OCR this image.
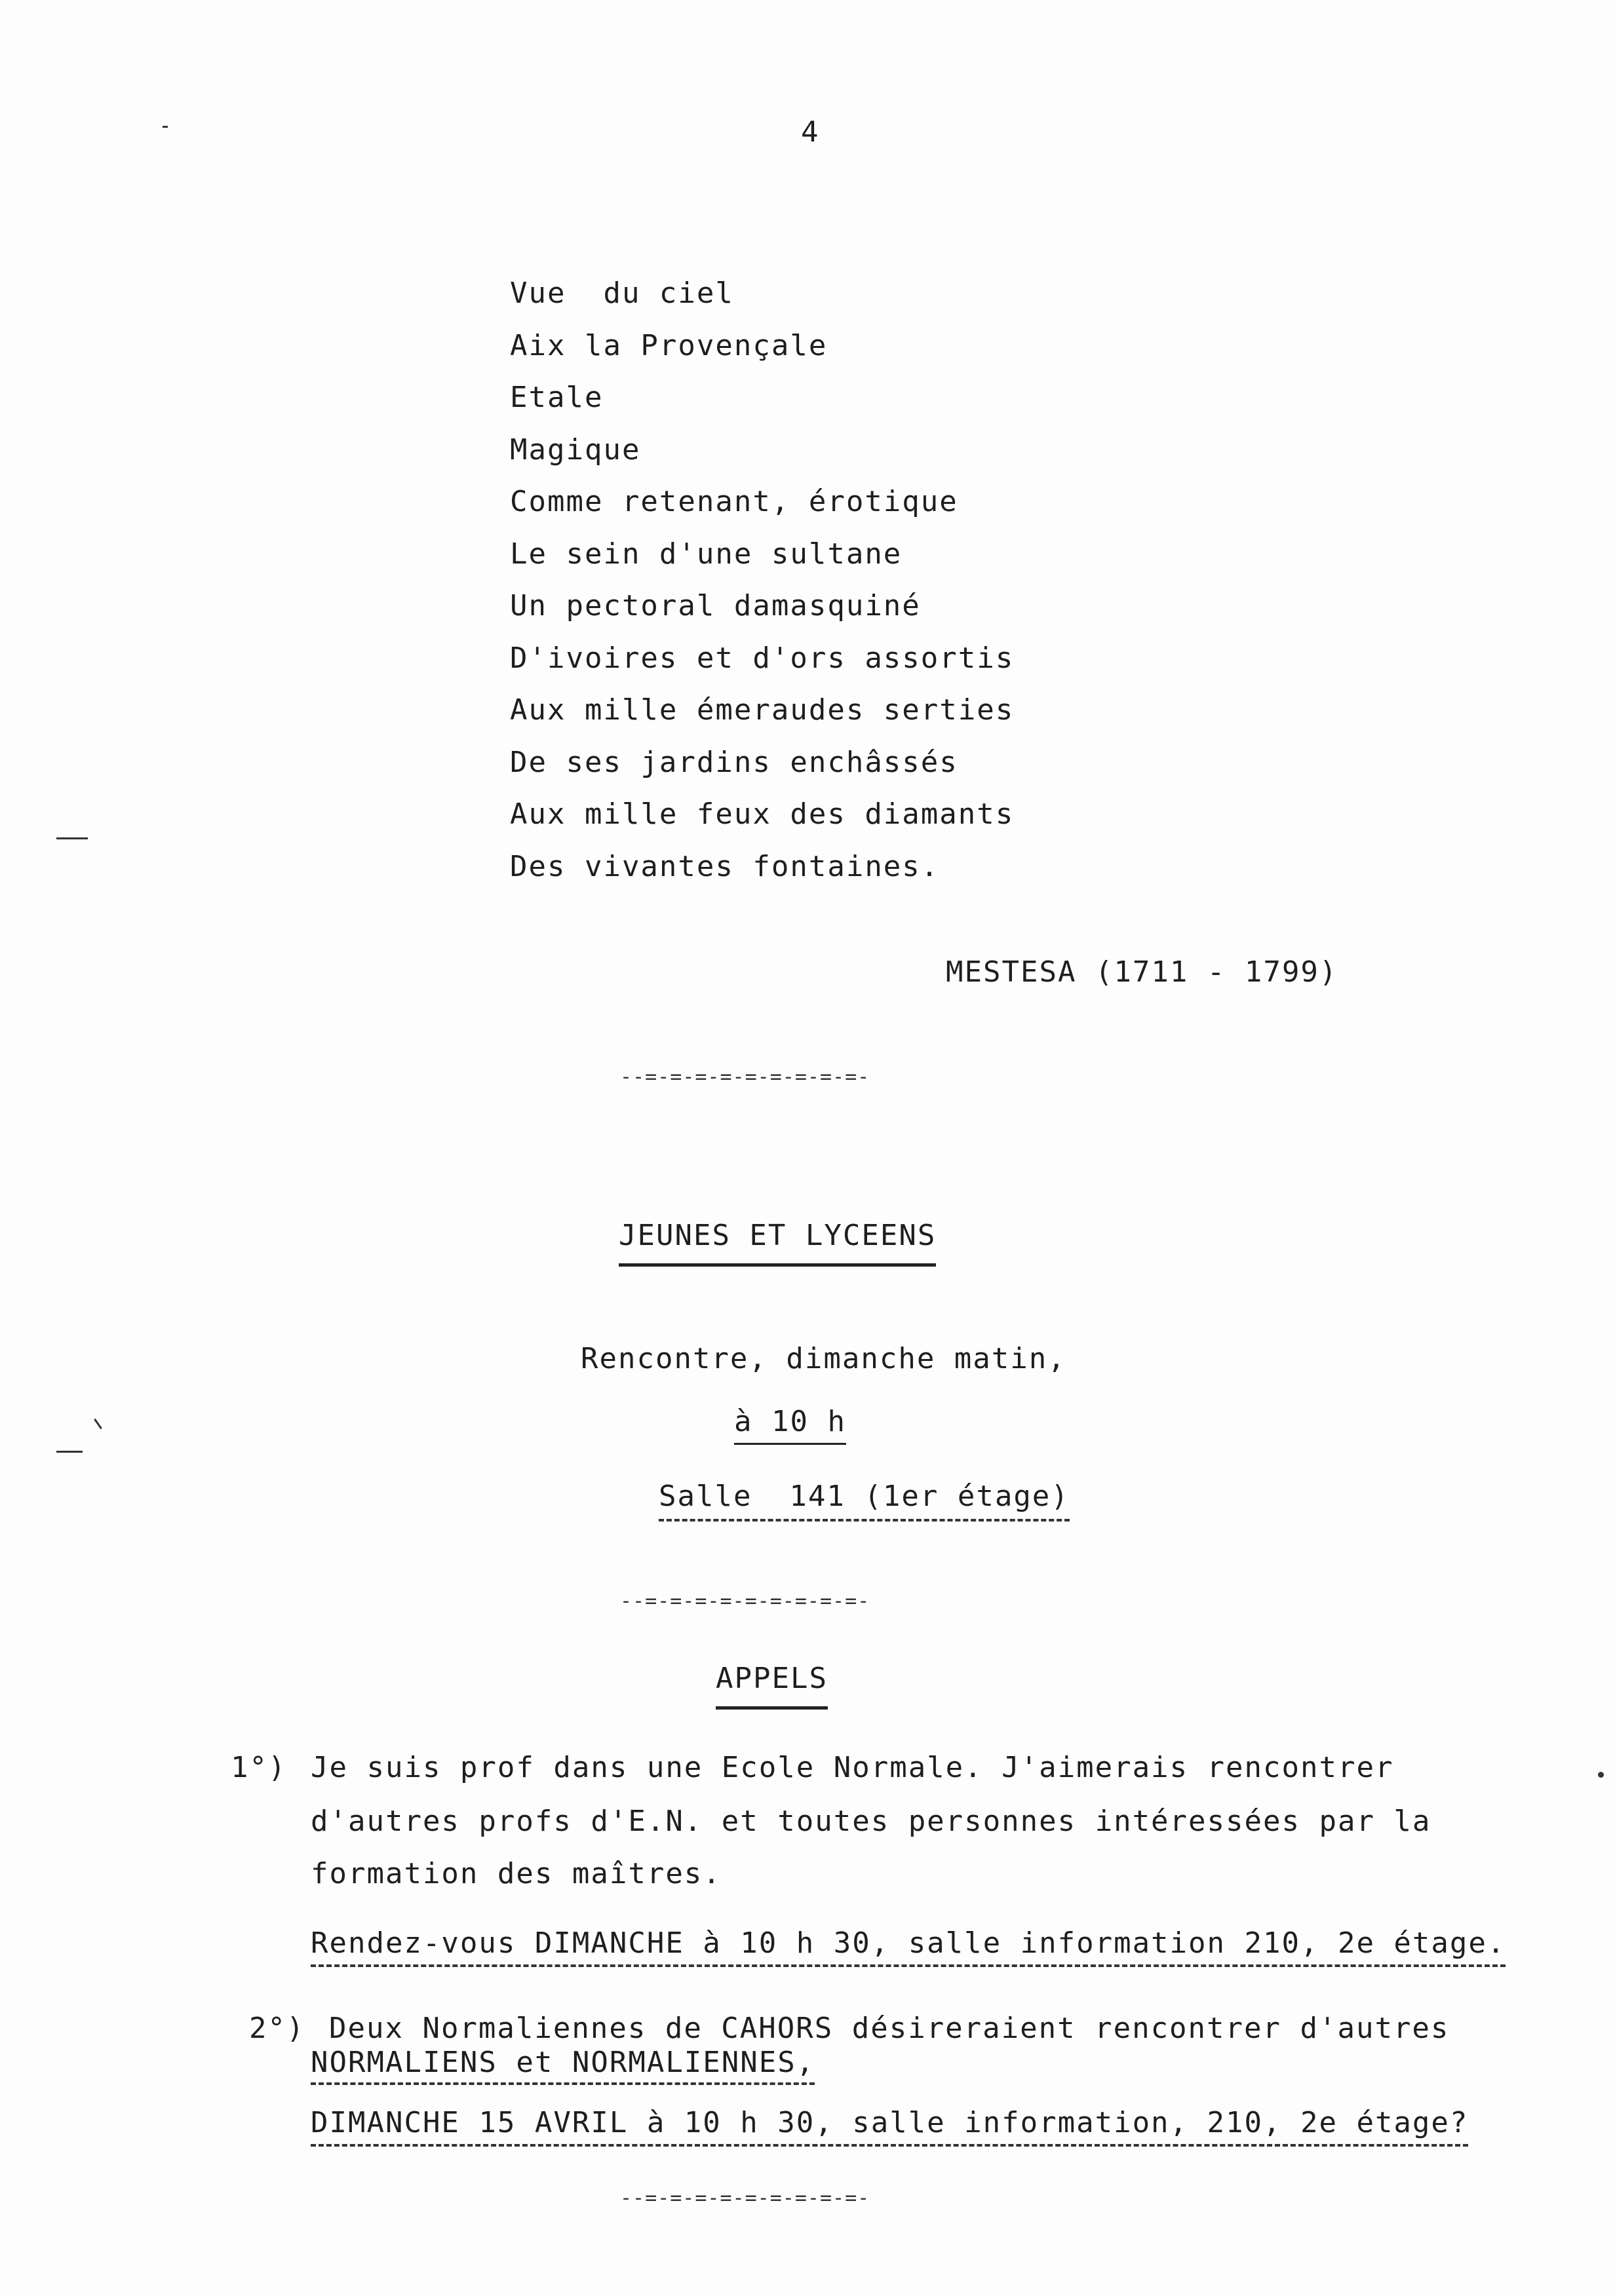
4
Vue  du ciel
Aix la Provençale
Etale
Magique
Comme retenant, érotique
Le sein d'une sultane
Un pectoral damasquiné
D'ivoires et d'ors assortis
Aux mille émeraudes serties
De ses jardins enchâssés
Aux mille feux des diamants
Des vivantes fontaines.
MESTESA (1711 - 1799)
--=-=-=-=-=-=-=-=-=-
JEUNES ET LYCEENS
Rencontre, dimanche matin,
à 10 h
Salle  141 (1er étage)
--=-=-=-=-=-=-=-=-=-
APPELS
1°) Je suis prof dans une Ecole Normale. J'aimerais rencontrer
d'autres profs d'E.N. et toutes personnes intéressées par la
formation des maîtres.
Rendez-vous DIMANCHE à 10 h 30, salle information 210, 2e étage.
2°) Deux Normaliennes de CAHORS désireraient rencontrer d'autres
NORMALIENS et NORMALIENNES,
DIMANCHE 15 AVRIL à 10 h 30, salle information, 210, 2e étage?
--=-=-=-=-=-=-=-=-=-
